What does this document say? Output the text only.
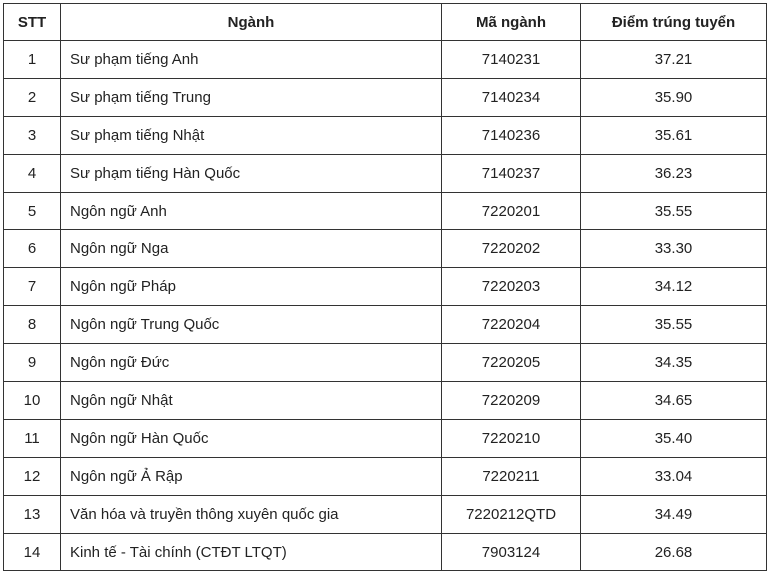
STT	Ngành	Mã ngành	Điểm trúng tuyển
1	Sư phạm tiếng Anh	7140231	37.21
2	Sư phạm tiếng Trung	7140234	35.90
3	Sư phạm tiếng Nhật	7140236	35.61
4	Sư phạm tiếng Hàn Quốc	7140237	36.23
5	Ngôn ngữ Anh	7220201	35.55
6	Ngôn ngữ Nga	7220202	33.30
7	Ngôn ngữ Pháp	7220203	34.12
8	Ngôn ngữ Trung Quốc	7220204	35.55
9	Ngôn ngữ Đức	7220205	34.35
10	Ngôn ngữ Nhật	7220209	34.65
11	Ngôn ngữ Hàn Quốc	7220210	35.40
12	Ngôn ngữ Ả Rập	7220211	33.04
13	Văn hóa và truyền thông xuyên quốc gia	7220212QTD	34.49
14	Kinh tế - Tài chính (CTĐT LTQT)	7903124	26.68
